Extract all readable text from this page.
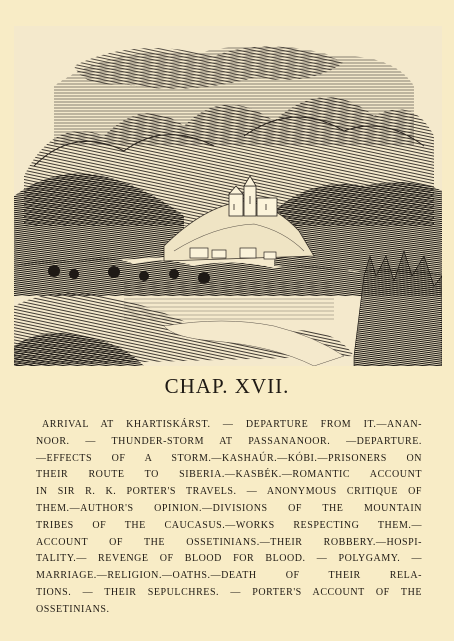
CHAP. XVII.
ARRIVAL AT KHARTISKÁRST. — DEPARTURE FROM IT.—ANAN-
NOOR. — THUNDER-STORM AT PASSANANOOR. —DEPARTURE.
—EFFECTS OF A STORM.—KASHAÚR.—KÓBI.—PRISONERS ON
THEIR ROUTE TO SIBERIA.—KASBÉK.—ROMANTIC ACCOUNT
IN SIR R. K. PORTER'S TRAVELS. — ANONYMOUS CRITIQUE OF
THEM.—AUTHOR'S OPINION.—DIVISIONS OF THE MOUNTAIN
TRIBES OF THE CAUCASUS.—WORKS RESPECTING THEM.—
ACCOUNT OF THE OSSETINIANS.—THEIR ROBBERY.—HOSPI-
TALITY.— REVENGE OF BLOOD FOR BLOOD. — POLYGAMY. —
MARRIAGE.—RELIGION.—OATHS.—DEATH OF THEIR RELA-
TIONS. — THEIR SEPULCHRES. — PORTER'S ACCOUNT OF THE
OSSETINIANS.
